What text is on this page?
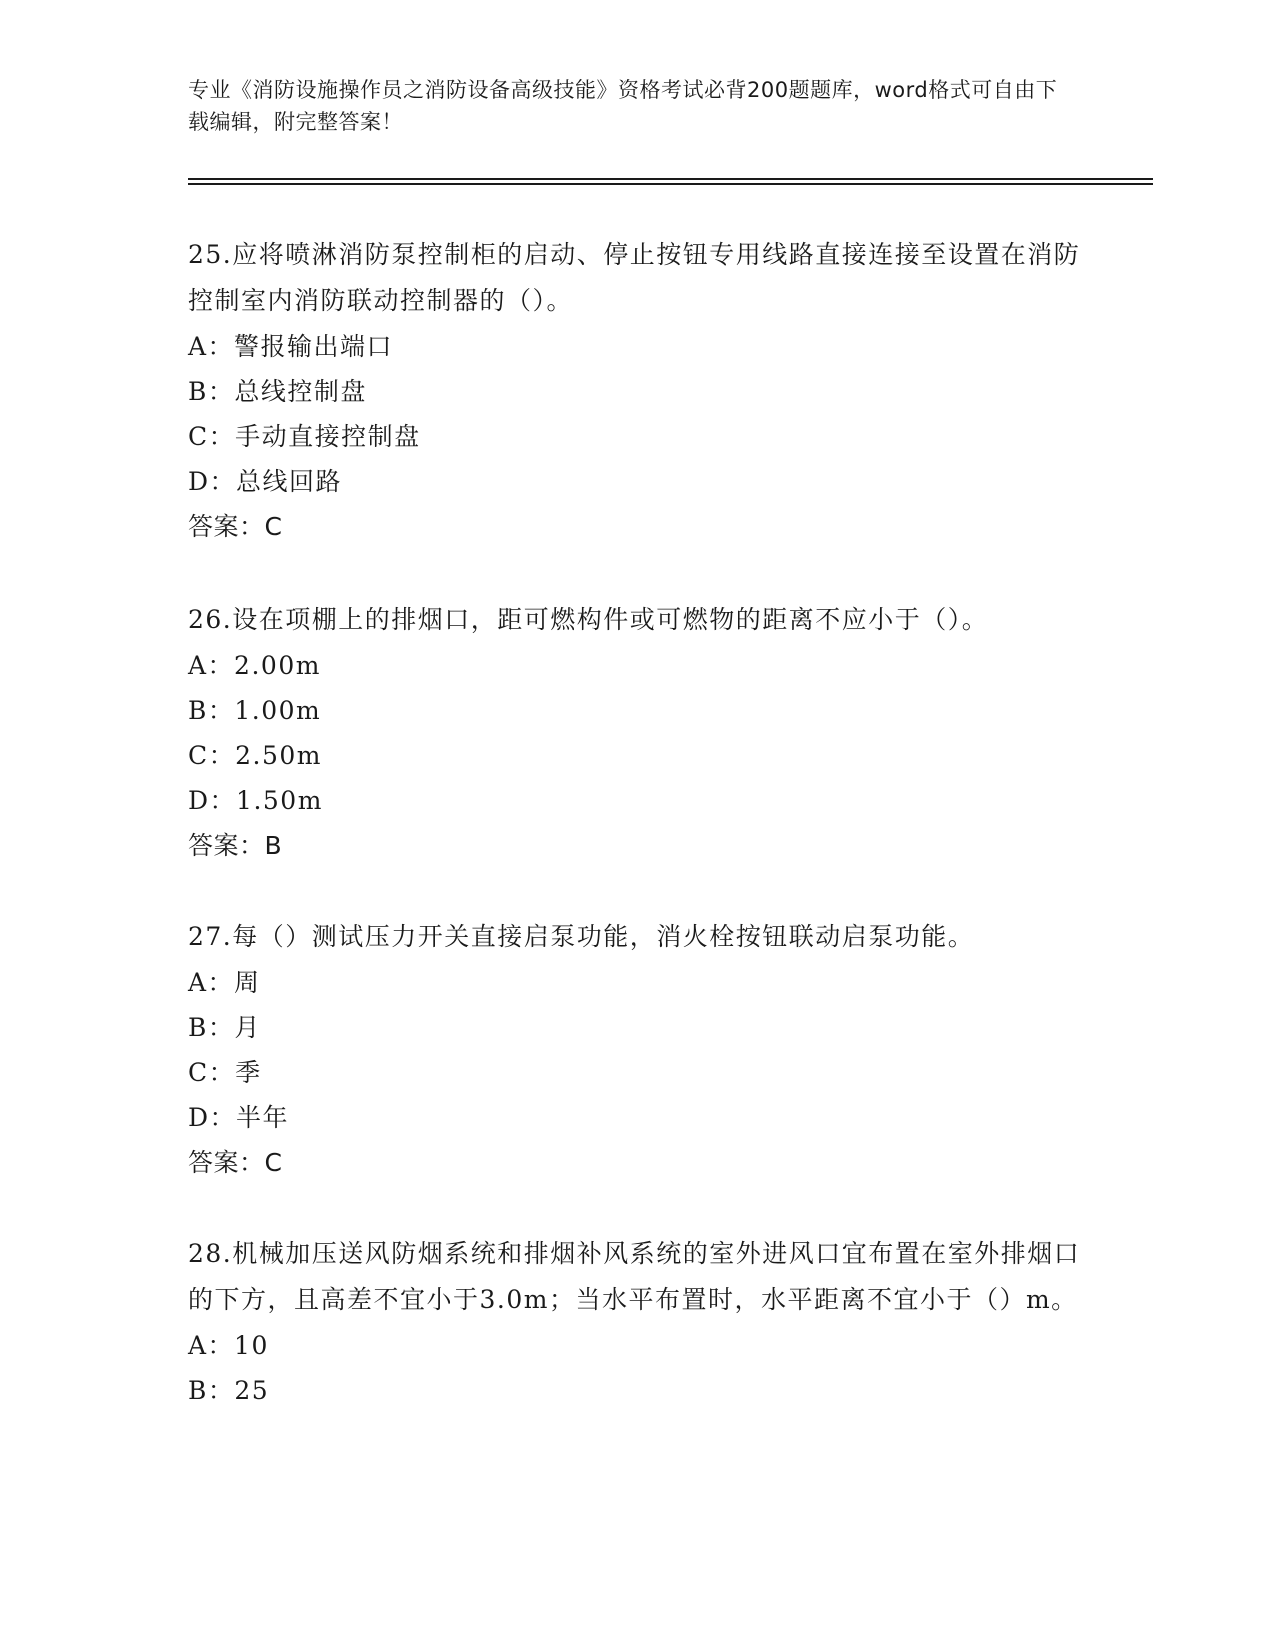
专业《消防设施操作员之消防设备高级技能》资格考试必背200题题库，word格式可自由下载编辑，附完整答案！
25.应将喷淋消防泵控制柜的启动、停止按钮专用线路直接连接至设置在消防控制室内消防联动控制器的（）。
A：警报输出端口
B：总线控制盘
C：手动直接控制盘
D：总线回路
答案：C
26.设在项棚上的排烟口，距可燃构件或可燃物的距离不应小于（）。
A：2.00m
B：1.00m
C：2.50m
D：1.50m
答案：B
27.每（）测试压力开关直接启泵功能，消火栓按钮联动启泵功能。
A：周
B：月
C：季
D：半年
答案：C
28.机械加压送风防烟系统和排烟补风系统的室外进风口宜布置在室外排烟口的下方，且高差不宜小于3.0m；当水平布置时，水平距离不宜小于（）m。
A：10
B：25
